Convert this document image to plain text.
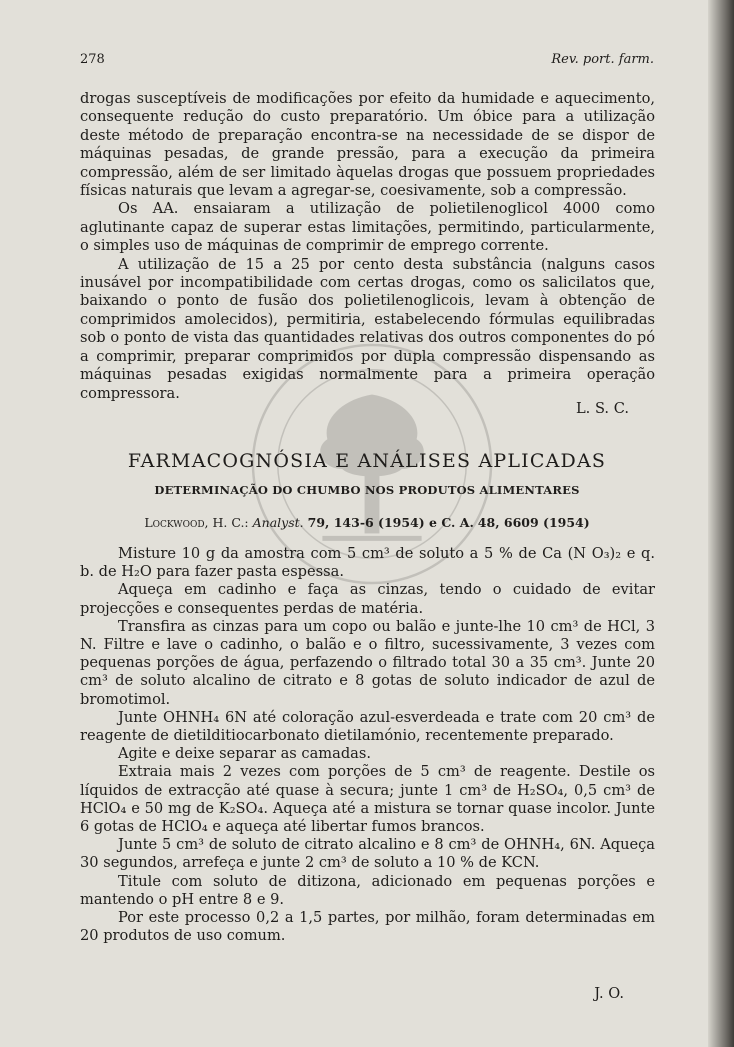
278	Rev. port. farm.

drogas susceptíveis de modificações por efeito da humidade e aquecimento, consequente redução do custo preparatório. Um óbice para a utilização deste método de preparação encontra-se na necessidade de se dispor de máquinas pesadas, de grande pressão, para a execução da primeira compressão, além de ser limitado àquelas drogas que possuem propriedades físicas naturais que levam a agregar-se, coesivamente, sob a compressão.

Os AA. ensaiaram a utilização de polietilenoglicol 4000 como aglutinante capaz de superar estas limitações, permitindo, particularmente, o simples uso de máquinas de comprimir de emprego corrente.

A utilização de 15 a 25 por cento desta substância (nalguns casos inusável por incompatibilidade com certas drogas, como os salicilatos que, baixando o ponto de fusão dos polietilenoglicois, levam à obtenção de comprimidos amolecidos), permitiria, estabelecendo fórmulas equilibradas sob o ponto de vista das quantidades relativas dos outros componentes do pó a comprimir, preparar comprimidos por dupla compressão dispensando as máquinas pesadas exigidas normalmente para a primeira operação compressora.

L. S. C.
FARMACOGNÓSIA E ANÁLISES APLICADAS
DETERMINAÇÃO DO CHUMBO NOS PRODUTOS ALIMENTARES
Lockwood, H. C.: Analyst. 79, 143-6 (1954) e C. A. 48, 6609 (1954)

Misture 10 g da amostra com 5 cm³ de soluto a 5 % de Ca (N O₃)₂ e q. b. de H₂O para fazer pasta espessa.

Aqueça em cadinho e faça as cinzas, tendo o cuidado de evitar projecções e consequentes perdas de matéria.

Transfira as cinzas para um copo ou balão e junte-lhe 10 cm³ de HCl, 3 N. Filtre e lave o cadinho, o balão e o filtro, sucessivamente, 3 vezes com pequenas porções de água, perfazendo o filtrado total 30 a 35 cm³. Junte 20 cm³ de soluto alcalino de citrato e 8 gotas de soluto indicador de azul de bromotimol.

Junte OHNH₄ 6N até coloração azul-esverdeada e trate com 20 cm³ de reagente de dietilditiocarbonato dietilamónio, recentemente preparado.

Agite e deixe separar as camadas.

Extraia mais 2 vezes com porções de 5 cm³ de reagente. Destile os líquidos de extracção até quase à secura; junte 1 cm³ de H₂SO₄, 0,5 cm³ de HClO₄ e 50 mg de K₂SO₄. Aqueça até a mistura se tornar quase incolor. Junte 6 gotas de HClO₄ e aqueça até libertar fumos brancos.

Junte 5 cm³ de soluto de citrato alcalino e 8 cm³ de OHNH₄, 6N. Aqueça 30 segundos, arrefeça e junte 2 cm³ de soluto a 10 % de KCN.

Titule com soluto de ditizona, adicionado em pequenas porções e mantendo o pH entre 8 e 9.

Por este processo 0,2 a 1,5 partes, por milhão, foram determinadas em 20 produtos de uso comum.

J. O.
